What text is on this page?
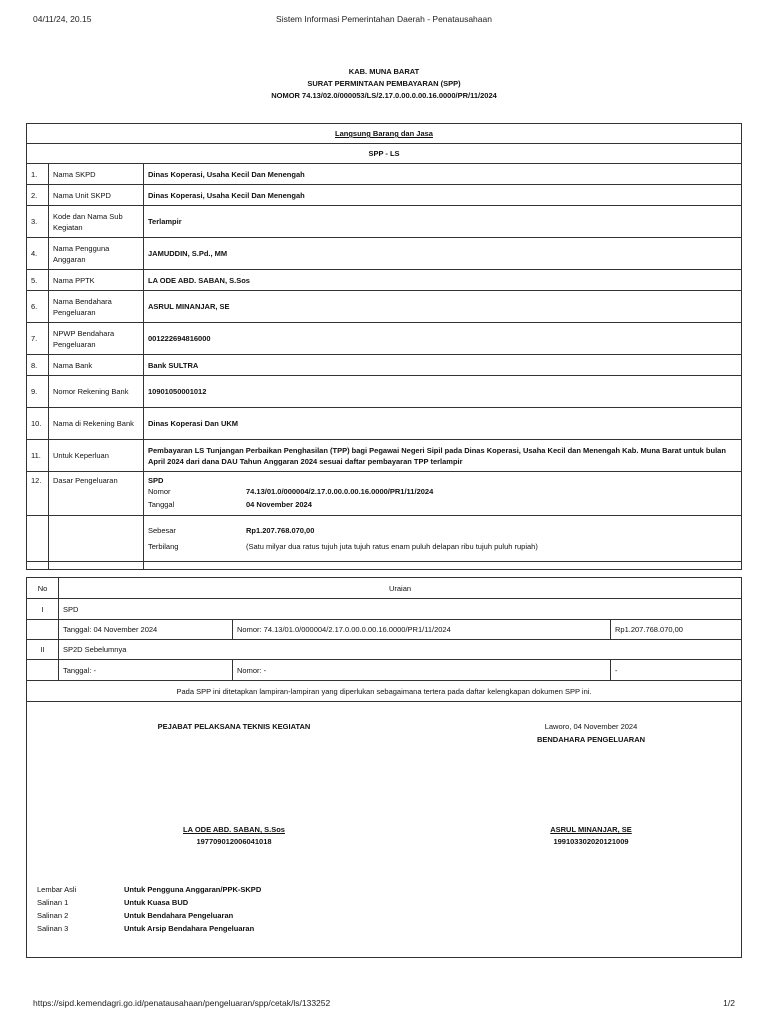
04/11/24, 20.15	Sistem Informasi Pemerintahan Daerah - Penatausahaan
KAB. MUNA BARAT
SURAT PERMINTAAN PEMBAYARAN (SPP)
NOMOR 74.13/02.0/000053/LS/2.17.0.00.0.00.16.0000/PR/11/2024
Langsung Barang dan Jasa		
SPP - LS		
1.	Nama SKPD	Dinas Koperasi, Usaha Kecil Dan Menengah
2.	Nama Unit SKPD	Dinas Koperasi, Usaha Kecil Dan Menengah
3.	Kode dan Nama Sub Kegiatan	Terlampir
4.	Nama Pengguna Anggaran	JAMUDDIN, S.Pd., MM
5.	Nama PPTK	LA ODE ABD. SABAN, S.Sos
6.	Nama Bendahara Pengeluaran	ASRUL MINANJAR, SE
7.	NPWP Bendahara Pengeluaran	001222694816000
8.	Nama Bank	Bank SULTRA
9.	Nomor Rekening Bank	10901050001012
10.	Nama di Rekening Bank	Dinas Koperasi Dan UKM
11.	Untuk Keperluan	Pembayaran LS Tunjangan Perbaikan Penghasilan (TPP) bagi Pegawai Negeri Sipil pada Dinas Koperasi, Usaha Kecil dan Menengah Kab. Muna Barat untuk bulan April 2024 dari dana DAU Tahun Anggaran 2024 sesuai daftar pembayaran TPP terlampir
12.	Dasar Pengeluaran	SPD
Nomor 74.13/01.0/000004/2.17.0.00.0.00.16.0000/PR1/11/2024
Tanggal 04 November 2024

		Sebesar Rp1.207.768.070,00
Terbilang (Satu milyar dua ratus tujuh juta tujuh ratus enam puluh delapan ribu tujuh puluh rupiah)

No	Uraian		
I	SPD		
	Tanggal: 04 November 2024	Nomor: 74.13/01.0/000004/2.17.0.00.0.00.16.0000/PR1/11/2024	Rp1.207.768.070,00
II	SP2D Sebelumnya		
	Tanggal: -	Nomor: -	-
Pada SPP ini ditetapkan lampiran-lampiran yang diperlukan sebagaimana tertera pada daftar kelengkapan dokumen SPP ini.			
PEJABAT PELAKSANA TEKNIS KEGIATAN
LA ODE ABD. SABAN, S.Sos
197709012006041018
Laworo, 04 November 2024
BENDAHARA PENGELUARAN
ASRUL MINANJAR, SE
199103302020121009
Lembar Asli	Untuk Pengguna Anggaran/PPK-SKPD
Salinan 1	Untuk Kuasa BUD
Salinan 2	Untuk Bendahara Pengeluaran
Salinan 3	Untuk Arsip Bendahara Pengeluaran
https://sipd.kemendagri.go.id/penatausahaan/pengeluaran/spp/cetak/ls/133252	1/2
